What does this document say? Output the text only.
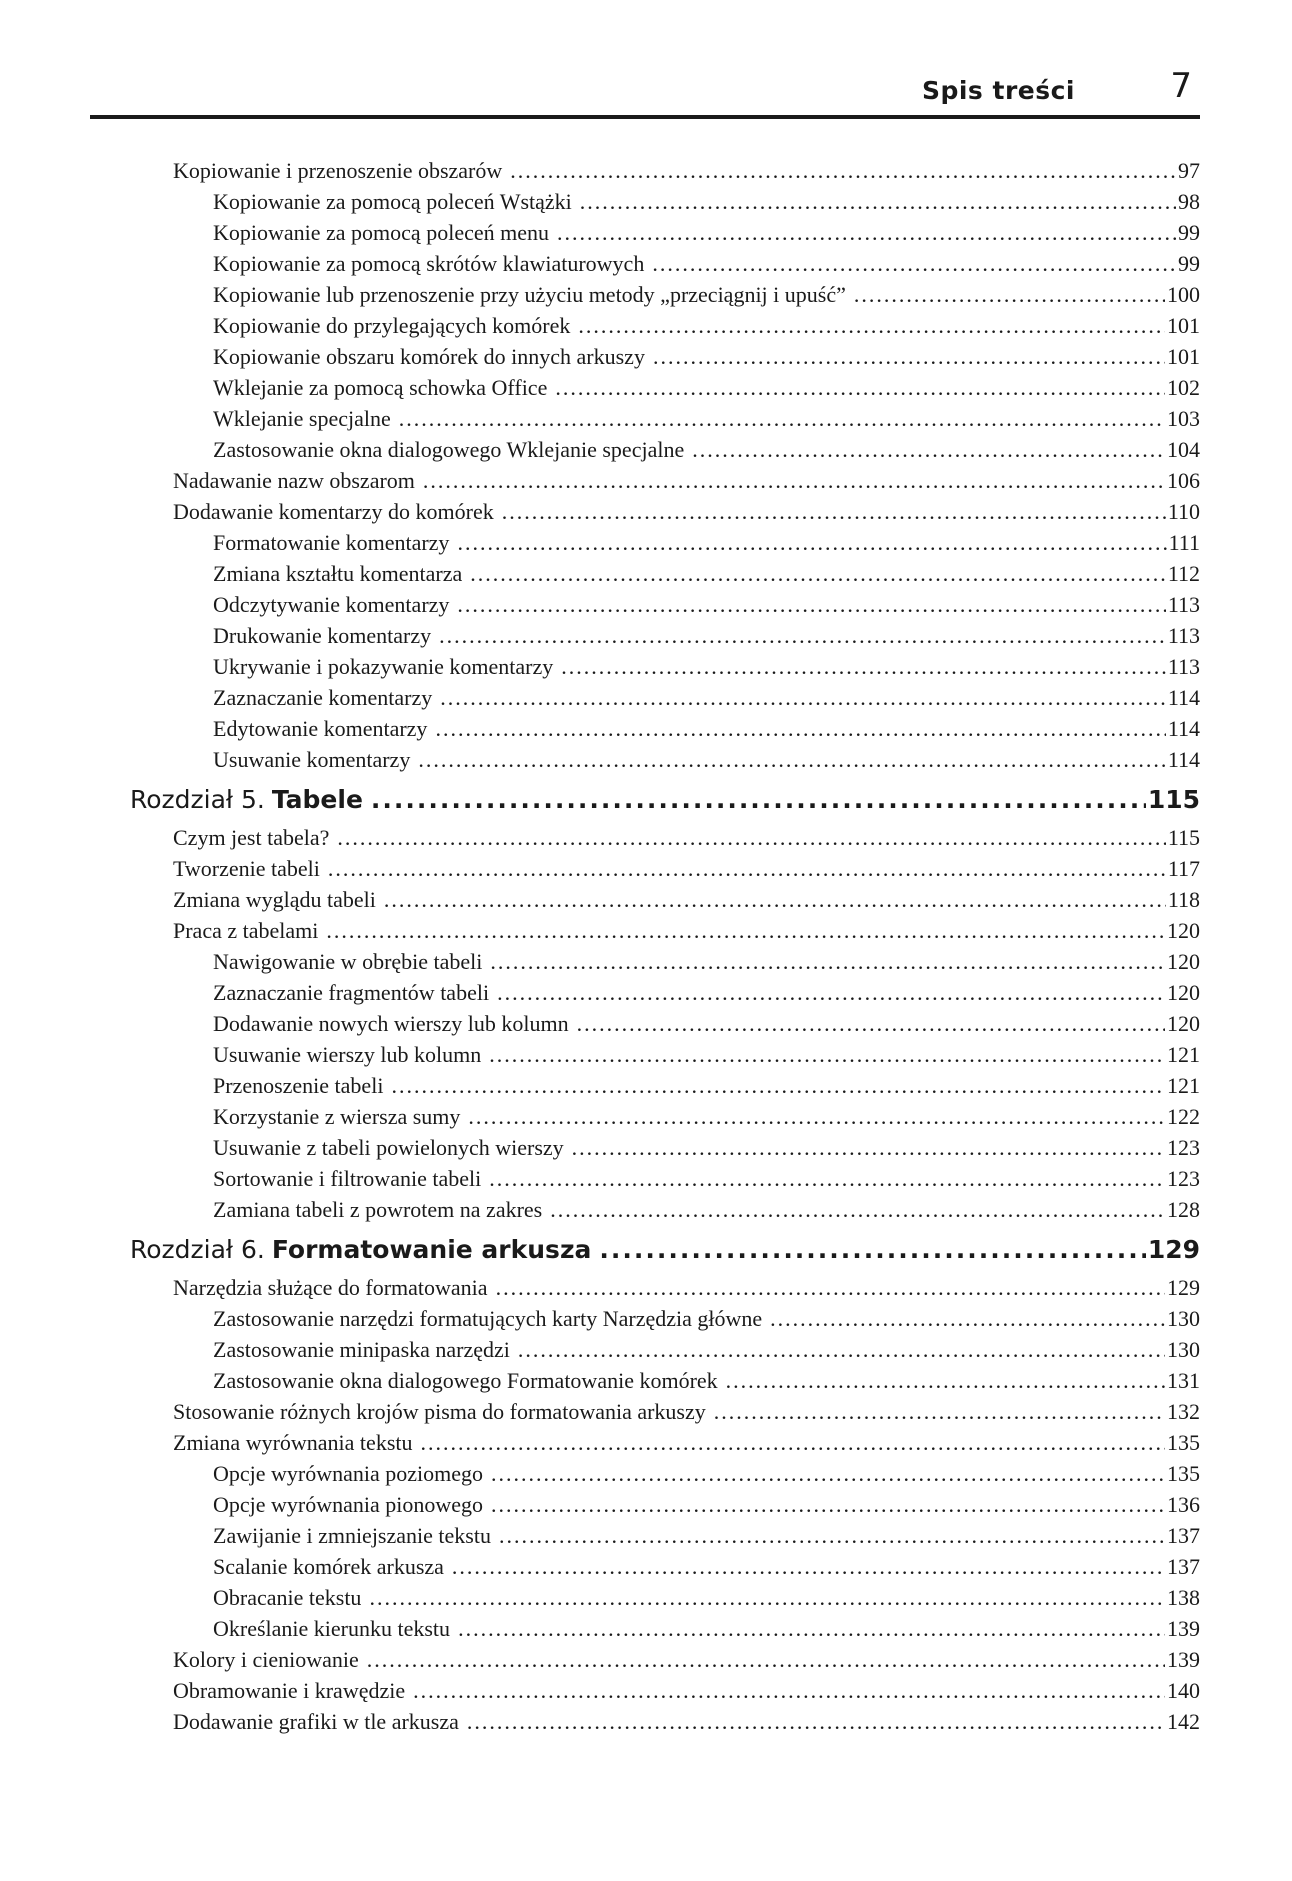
Spis treści	7
Kopiowanie i przenoszenie obszarów .....	97
Kopiowanie za pomocą poleceń Wstążki .....	98
Kopiowanie za pomocą poleceń menu .....	99
Kopiowanie za pomocą skrótów klawiaturowych .....	99
Kopiowanie lub przenoszenie przy użyciu metody „przeciągnij i upuść” .....	100
Kopiowanie do przylegających komórek .....	101
Kopiowanie obszaru komórek do innych arkuszy .....	101
Wklejanie za pomocą schowka Office .....	102
Wklejanie specjalne .....	103
Zastosowanie okna dialogowego Wklejanie specjalne .....	104
Nadawanie nazw obszarom .....	106
Dodawanie komentarzy do komórek .....	110
Formatowanie komentarzy .....	111
Zmiana kształtu komentarza .....	112
Odczytywanie komentarzy .....	113
Drukowanie komentarzy .....	113
Ukrywanie i pokazywanie komentarzy .....	113
Zaznaczanie komentarzy .....	114
Edytowanie komentarzy .....	114
Usuwanie komentarzy .....	114
Rozdział 5. Tabele .....	115
Czym jest tabela? .....	115
Tworzenie tabeli .....	117
Zmiana wyglądu tabeli .....	118
Praca z tabelami .....	120
Nawigowanie w obrębie tabeli .....	120
Zaznaczanie fragmentów tabeli .....	120
Dodawanie nowych wierszy lub kolumn .....	120
Usuwanie wierszy lub kolumn .....	121
Przenoszenie tabeli .....	121
Korzystanie z wiersza sumy .....	122
Usuwanie z tabeli powielonych wierszy .....	123
Sortowanie i filtrowanie tabeli .....	123
Zamiana tabeli z powrotem na zakres .....	128
Rozdział 6. Formatowanie arkusza .....	129
Narzędzia służące do formatowania .....	129
Zastosowanie narzędzi formatujących karty Narzędzia główne .....	130
Zastosowanie minipaska narzędzi .....	130
Zastosowanie okna dialogowego Formatowanie komórek .....	131
Stosowanie różnych krojów pisma do formatowania arkuszy .....	132
Zmiana wyrównania tekstu .....	135
Opcje wyrównania poziomego .....	135
Opcje wyrównania pionowego .....	136
Zawijanie i zmniejszanie tekstu .....	137
Scalanie komórek arkusza .....	137
Obracanie tekstu .....	138
Określanie kierunku tekstu .....	139
Kolory i cieniowanie .....	139
Obramowanie i krawędzie .....	140
Dodawanie grafiki w tle arkusza .....	142
